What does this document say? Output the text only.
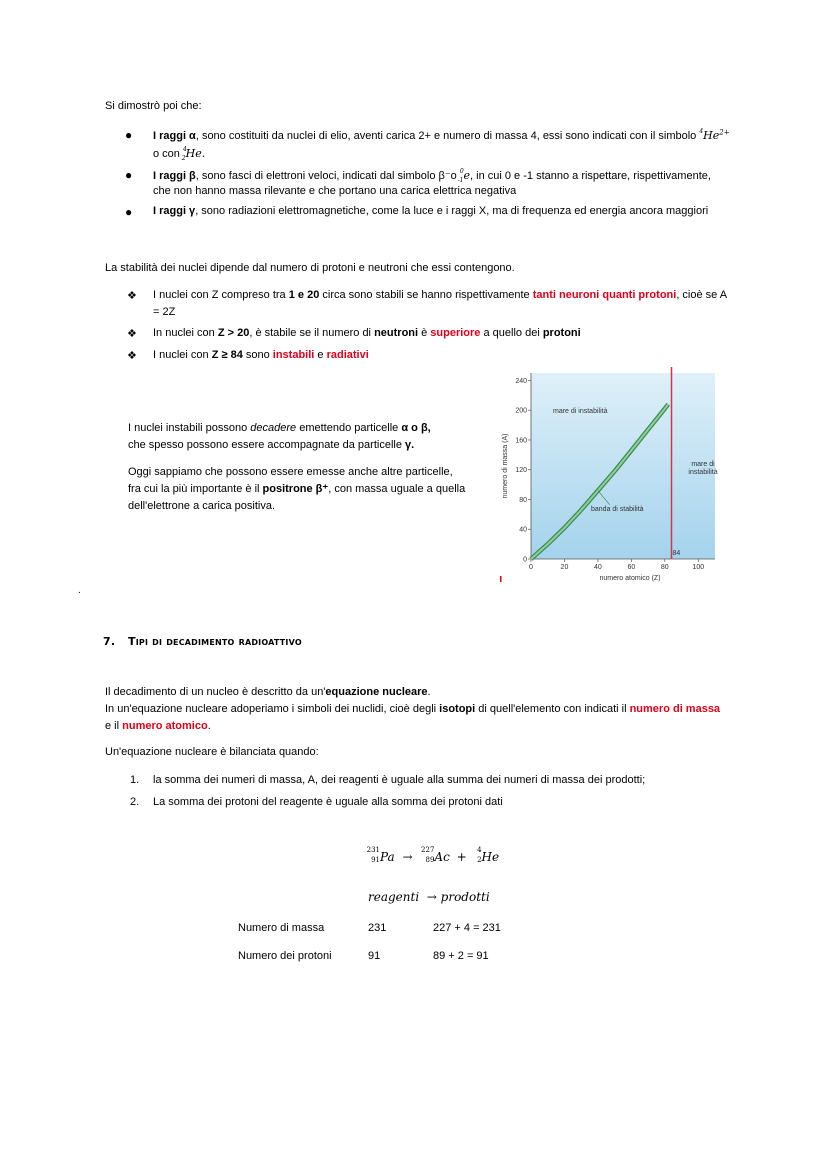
Si dimostrò poi che:
● I raggi α, sono costituiti da nuclei di elio, aventi carica 2+ e numero di massa 4, essi sono indicati con il simbolo $^4He^{2+}$
o con $^4_2$He.
● I raggi β, sono fasci di elettroni veloci, indicati dal simbolo β⁻o $^0_{-1}$e, in cui 0 e -1 stanno a rispettare, rispettivamente,
che non hanno massa rilevante e che portano una carica elettrica negativa
● I raggi γ, sono radiazioni elettromagnetiche, come la luce e i raggi X, ma di frequenza ed energia ancora maggiori
La stabilità dei nuclei dipende dal numero di protoni e neutroni che essi contengono.
❖ I nuclei con Z compreso tra 1 e 20 circa sono stabili se hanno rispettivamente tanti neuroni quanti protoni, cioè se A
= 2Z
❖ In nuclei con Z > 20, è stabile se il numero di neutroni è superiore a quello dei protoni
❖ I nuclei con Z ≥ 84 sono instabili e radiativi
I nuclei instabili possono decadere emettendo particelle α o β,
che spesso possono essere accompagnate da particelle γ.
Oggi sappiamo che possono essere emesse anche altre particelle,
fra cui la più importante è il positrone β⁺, con massa uguale a quella
dell'elettrone a carica positiva.
0
40
80
120
160
200
240
0	20	40	60	80	100
84
mare di instabilità
mare di instabilità
banda di stabilità
numero atomico (Z)
numero di massa (A)
.
7. Tipi di decadimento radioattivo
Il decadimento di un nucleo è descritto da un'equazione nucleare.
In un'equazione nucleare adoperiamo i simboli dei nuclidi, cioè degli isotopi di quell'elemento con indicati il numero di massa
e il numero atomico.
Un'equazione nucleare è bilanciata quando:
1. la somma dei numeri di massa, A, dei reagenti è uguale alla summa dei numeri di massa dei prodotti;
2. La somma dei protoni del reagente è uguale alla somma dei protoni dati
231
91 Pa → 227
89 Ac + 4
2 He
reagenti  → prodotti
Numero di massa	231	227 + 4 = 231
Numero dei protoni	91	89 + 2 = 91
